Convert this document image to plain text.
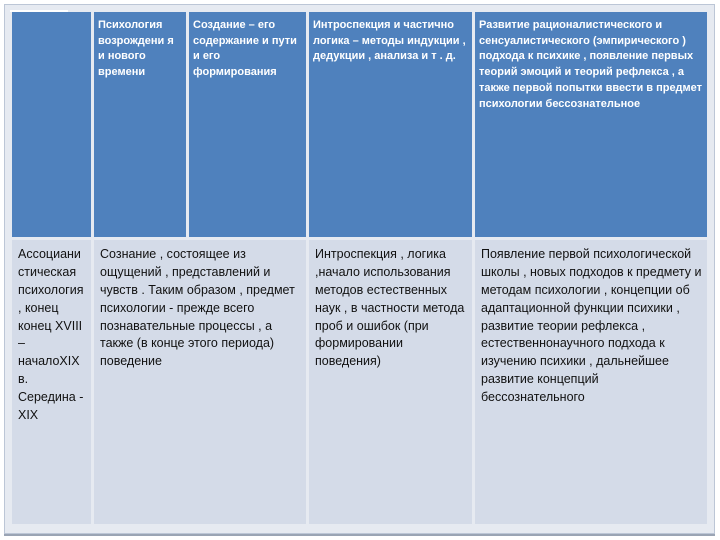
Психология возрождени я и нового времени
Создание – его содержание и пути и его формирования
Интроспекция и частично логика – методы индукции , дедукции , анализа и т . д.
Развитие рационалистического и сенсуалистического (эмпирического ) подхода к психике , появление первых теорий эмоций и теорий рефлекса , а также первой попытки ввести в предмет психологии бессознательное
Ассоциани стическая психология , конец конец XVIII – началоXIX в. Середина - XIX
Сознание , состоящее из ощущений , представлений и чувств . Таким образом , предмет психологии - прежде всего познавательные процессы , а также (в конце этого периода) поведение
Интроспекция , логика ,начало использования методов естественных наук , в частности метода проб и ошибок (при формировании поведения)
Появление первой психологической школы , новых подходов к предмету и методам психологии , концепции об адаптационной функции психики , развитие теории рефлекса , естественнонаучного подхода к изучению психики , дальнейшее развитие концепций бессознательного
